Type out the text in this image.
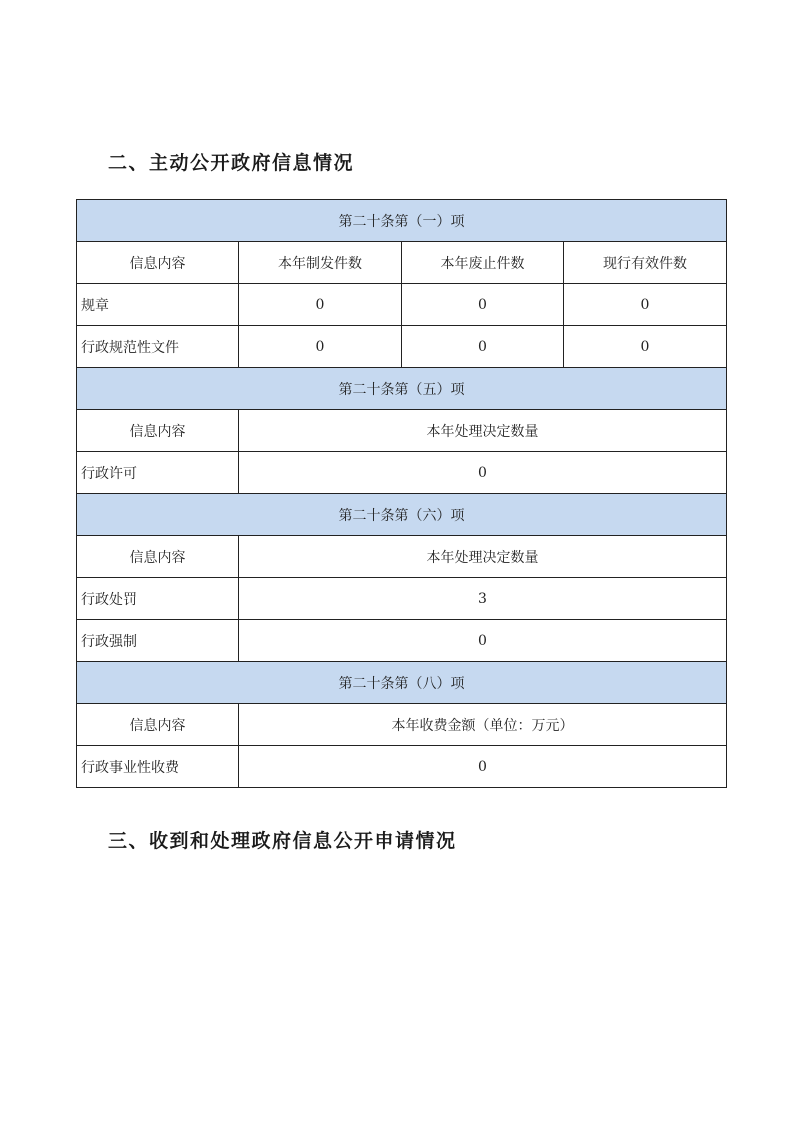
二、主动公开政府信息情况
第二十条第（一）项			
信息内容	本年制发件数	本年废止件数	现行有效件数
规章	0	0	0
行政规范性文件	0	0	0
第二十条第（五）项			
信息内容	本年处理决定数量		
行政许可	0		
第二十条第（六）项			
信息内容	本年处理决定数量		
行政处罚	3		
行政强制	0		
第二十条第（八）项			
信息内容	本年收费金额（单位：万元）		
行政事业性收费	0		
三、收到和处理政府信息公开申请情况
